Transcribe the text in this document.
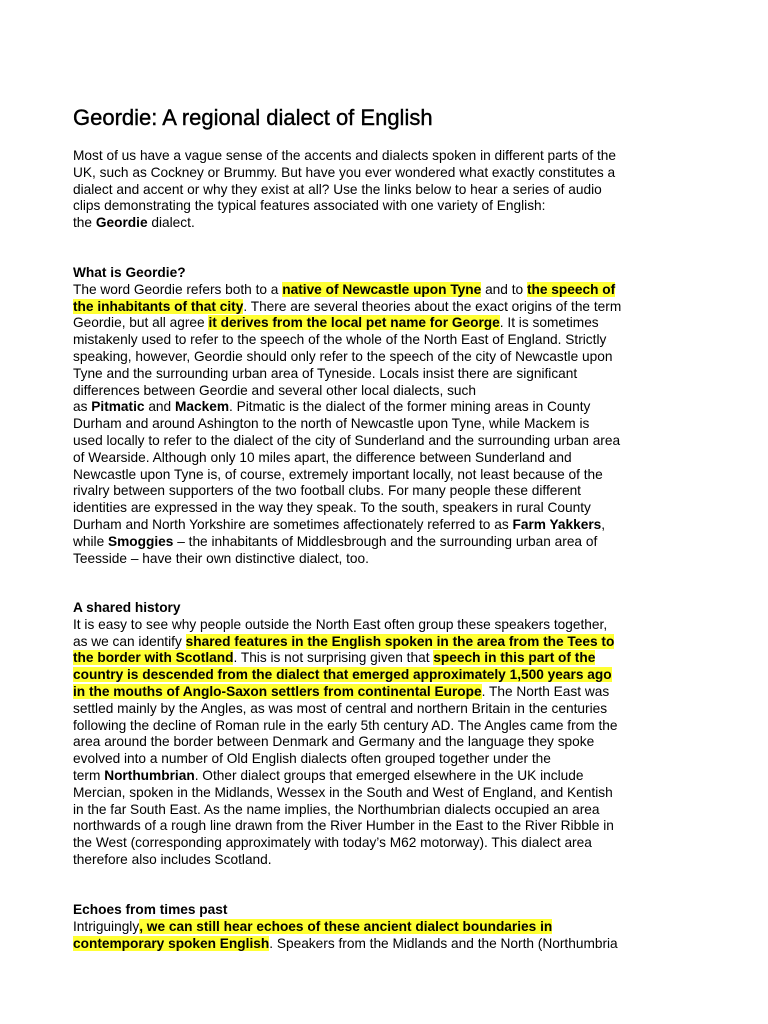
Geordie: A regional dialect of English

Most of us have a vague sense of the accents and dialects spoken in different parts of the
UK, such as Cockney or Brummy. But have you ever wondered what exactly constitutes a
dialect and accent or why they exist at all? Use the links below to hear a series of audio
clips demonstrating the typical features associated with one variety of English:
the Geordie dialect.

What is Geordie?
The word Geordie refers both to a native of Newcastle upon Tyne and to the speech of
the inhabitants of that city. There are several theories about the exact origins of the term
Geordie, but all agree it derives from the local pet name for George. It is sometimes
mistakenly used to refer to the speech of the whole of the North East of England. Strictly
speaking, however, Geordie should only refer to the speech of the city of Newcastle upon
Tyne and the surrounding urban area of Tyneside. Locals insist there are significant
differences between Geordie and several other local dialects, such
as Pitmatic and Mackem. Pitmatic is the dialect of the former mining areas in County
Durham and around Ashington to the north of Newcastle upon Tyne, while Mackem is
used locally to refer to the dialect of the city of Sunderland and the surrounding urban area
of Wearside. Although only 10 miles apart, the difference between Sunderland and
Newcastle upon Tyne is, of course, extremely important locally, not least because of the
rivalry between supporters of the two football clubs. For many people these different
identities are expressed in the way they speak. To the south, speakers in rural County
Durham and North Yorkshire are sometimes affectionately referred to as Farm Yakkers,
while Smoggies – the inhabitants of Middlesbrough and the surrounding urban area of
Teesside – have their own distinctive dialect, too.
A shared history
It is easy to see why people outside the North East often group these speakers together,
as we can identify shared features in the English spoken in the area from the Tees to
the border with Scotland. This is not surprising given that speech in this part of the
country is descended from the dialect that emerged approximately 1,500 years ago
in the mouths of Anglo-Saxon settlers from continental Europe. The North East was
settled mainly by the Angles, as was most of central and northern Britain in the centuries
following the decline of Roman rule in the early 5th century AD. The Angles came from the
area around the border between Denmark and Germany and the language they spoke
evolved into a number of Old English dialects often grouped together under the
term Northumbrian. Other dialect groups that emerged elsewhere in the UK include
Mercian, spoken in the Midlands, Wessex in the South and West of England, and Kentish
in the far South East. As the name implies, the Northumbrian dialects occupied an area
northwards of a rough line drawn from the River Humber in the East to the River Ribble in
the West (corresponding approximately with today’s M62 motorway). This dialect area
therefore also includes Scotland.
Echoes from times past
Intriguingly, we can still hear echoes of these ancient dialect boundaries in
contemporary spoken English. Speakers from the Midlands and the North (Northumbria
